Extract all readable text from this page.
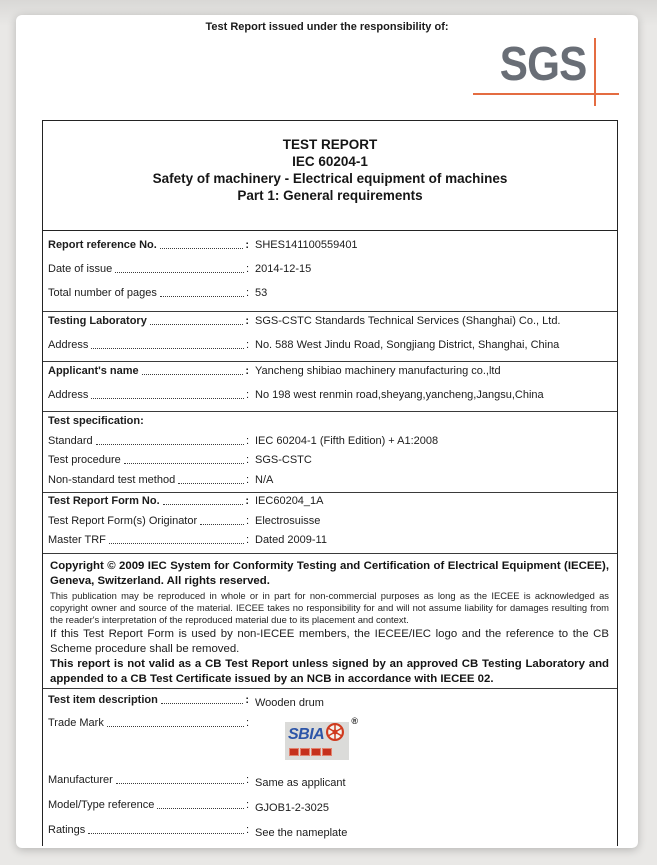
Test Report issued under the responsibility of:
SGS
TEST REPORT
IEC 60204-1
Safety of machinery - Electrical equipment of machines
Part 1: General requirements
Report reference No.
:	SHES141100559401
Date of issue
:	2014-12-15
Total number of pages
:	53
Testing Laboratory
:	SGS-CSTC Standards Technical Services (Shanghai) Co., Ltd.
Address
:	No. 588 West Jindu Road, Songjiang District, Shanghai, China
Applicant's name
:	Yancheng shibiao machinery manufacturing co.,ltd
Address
:	No 198 west renmin road,sheyang,yancheng,Jangsu,China
Test specification:
Standard
:	IEC 60204-1 (Fifth Edition) + A1:2008
Test procedure
:	SGS-CSTC
Non-standard test method
:	N/A
Test Report Form No.
:	IEC60204_1A
Test Report Form(s) Originator
:	Electrosuisse
Master TRF
:	Dated 2009-11

Copyright © 2009 IEC System for Conformity Testing and Certification of Electrical Equipment (IECEE), Geneva, Switzerland. All rights reserved.

This publication may be reproduced in whole or in part for non-commercial purposes as long as the IECEE is acknowledged as copyright owner and source of the material. IECEE takes no responsibility for and will not assume liability for damages resulting from the reader's interpretation of the reproduced material due to its placement and context.

If this Test Report Form is used by non-IECEE members, the IECEE/IEC logo and the reference to the CB Scheme procedure shall be removed.

This report is not valid as a CB Test Report unless signed by an approved CB Testing Laboratory and appended to a CB Test Certificate issued by an NCB in accordance with IECEE 02.

Test item description
:	Wooden drum
Trade Mark
:
SBIA
®
Manufacturer
:	Same as applicant
Model/Type reference
:	GJOB1-2-3025
Ratings
:	See the nameplate
